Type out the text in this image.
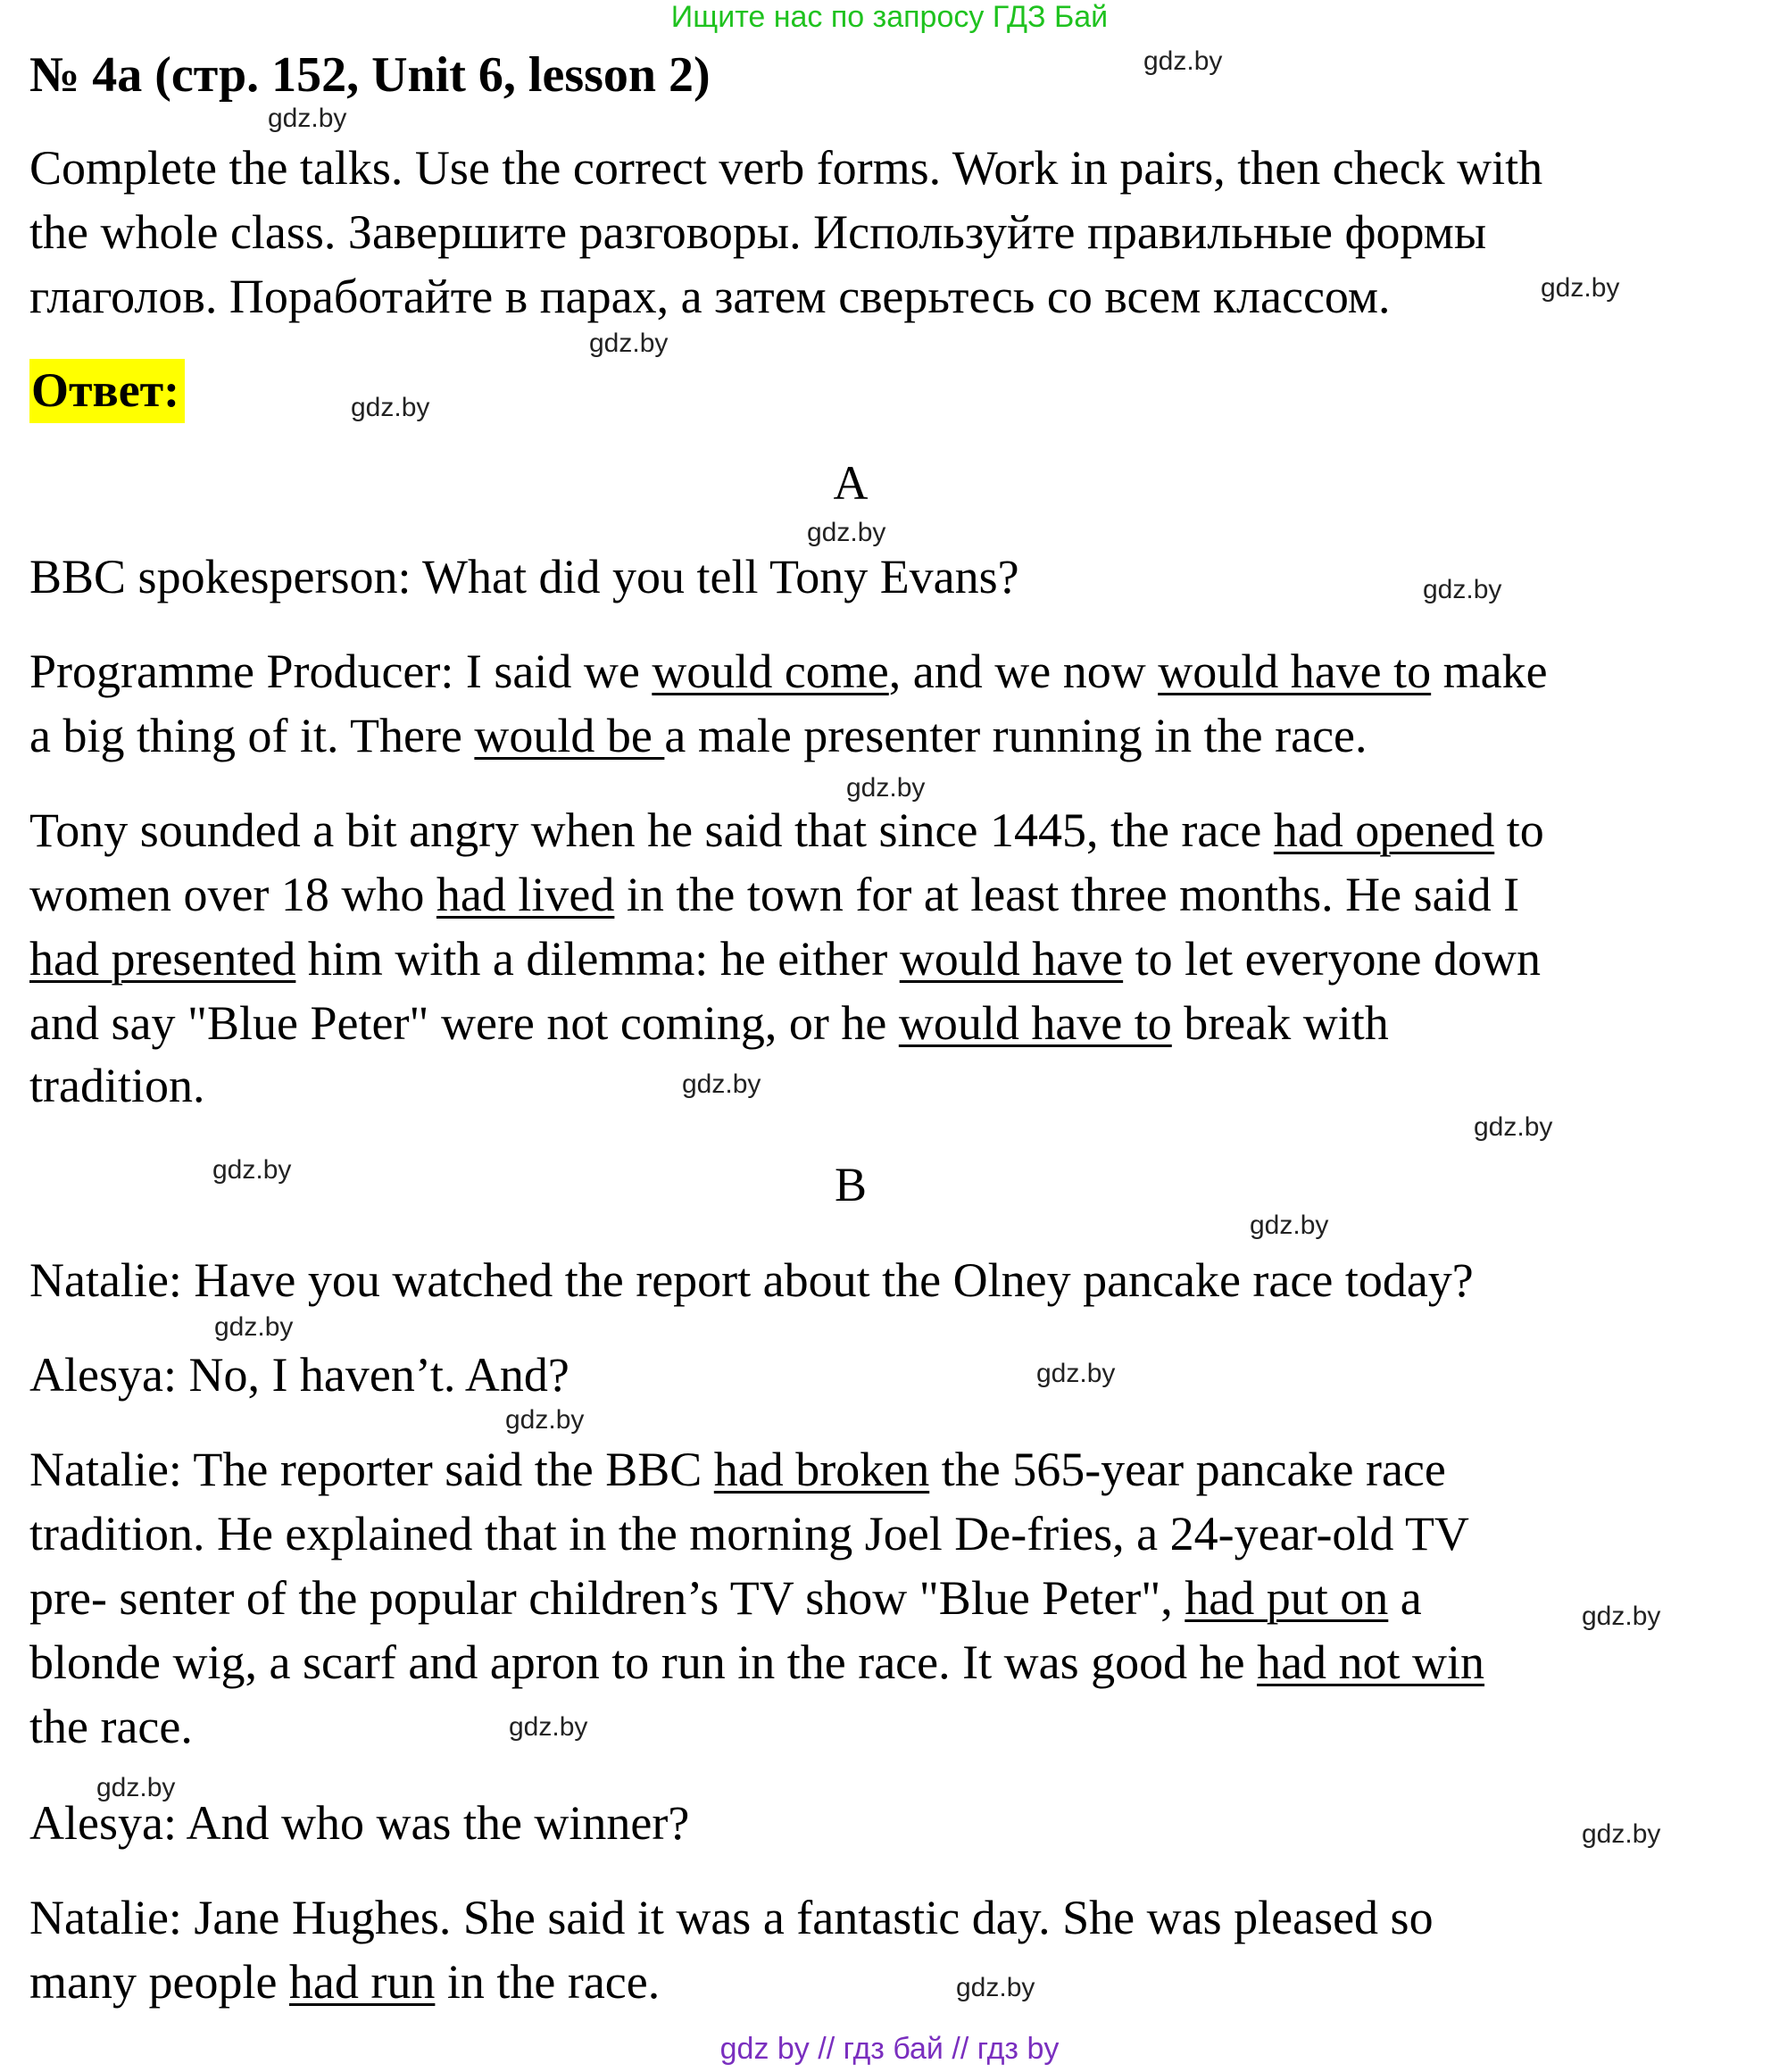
Ищите нас по запросу ГДЗ Бай
№ 4а (стр. 152, Unit 6, lesson 2)
Complete the talks. Use the correct verb forms. Work in pairs, then check with
the whole class. Завершите разговоры. Используйте правильные формы
глаголов. Поработайте в парах, а затем сверьтесь со всем классом.
Ответ:
A
BBC spokesperson: What did you tell Tony Evans?
Programme Producer: I said we would come, and we now would have to make
a big thing of it. There would be a male presenter running in the race.
Tony sounded a bit angry when he said that since 1445, the race had opened to
women over 18 who had lived in the town for at least three months. He said I
had presented him with a dilemma: he either would have to let everyone down
and say "Blue Peter" were not coming, or he would have to break with
tradition.
B
Natalie: Have you watched the report about the Olney pancake race today?
Alesya: No, I haven’t. And?
Natalie: The reporter said the BBC had broken the 565-year pancake race
tradition. He explained that in the morning Joel De-fries, a 24-year-old TV
pre- senter of the popular children’s TV show "Blue Peter", had put on a
blonde wig, a scarf and apron to run in the race. It was good he had not win
the race.
Alesya: And who was the winner?
Natalie: Jane Hughes. She said it was a fantastic day. She was pleased so
many people had run in the race.
gdz.by
gdz.by
gdz.by
gdz.by
gdz.by
gdz.by
gdz.by
gdz.by
gdz.by
gdz.by
gdz.by
gdz.by
gdz.by
gdz.by
gdz.by
gdz.by
gdz.by
gdz.by
gdz.by
gdz.by
gdz by // гдз бай // гдз by
